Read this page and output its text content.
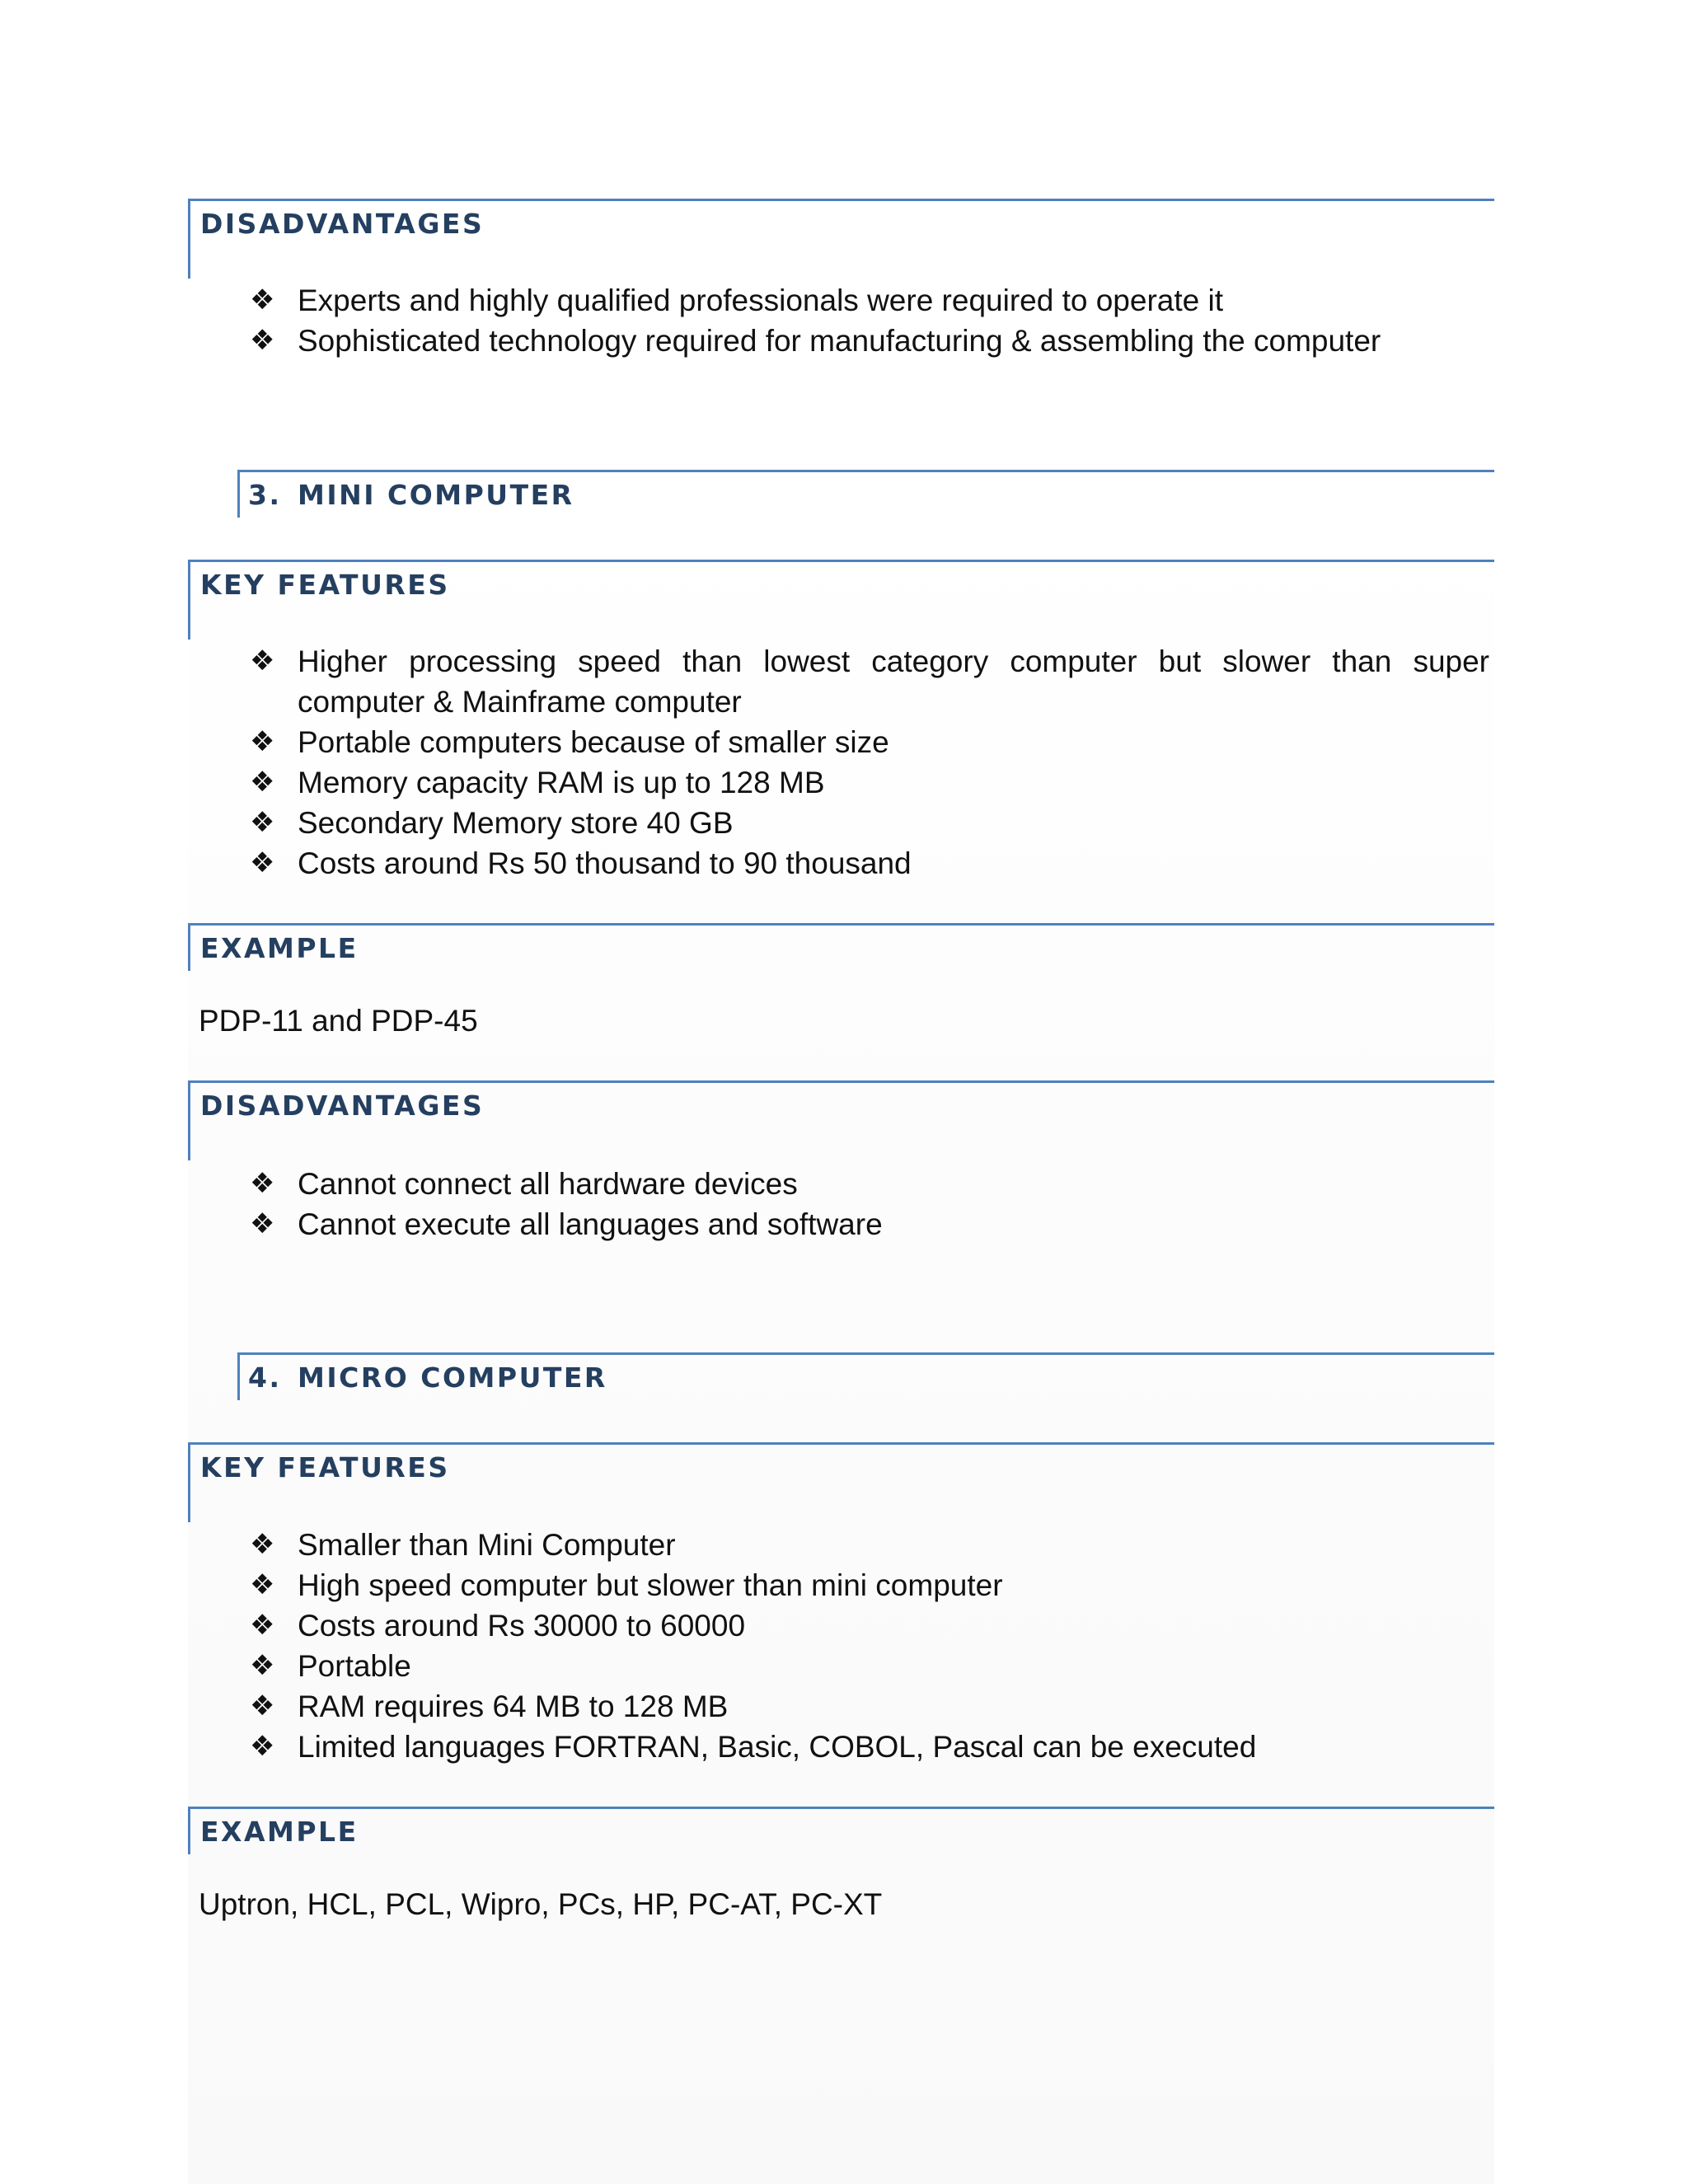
DISADVANTAGES
❖ Experts and highly qualified professionals were required to operate it
❖ Sophisticated technology required for manufacturing & assembling the computer
3. MINI COMPUTER
KEY FEATURES
❖ Higher processing speed than lowest category computer but slower than super computer & Mainframe computer
❖ Portable computers because of smaller size
❖ Memory capacity RAM is up to 128 MB
❖ Secondary Memory store 40 GB
❖ Costs around Rs 50 thousand to 90 thousand
EXAMPLE
PDP-11 and PDP-45
DISADVANTAGES
❖ Cannot connect all hardware devices
❖ Cannot execute all languages and software
4. MICRO COMPUTER
KEY FEATURES
❖ Smaller than Mini Computer
❖ High speed computer but slower than mini computer
❖ Costs around Rs 30000 to 60000
❖ Portable
❖ RAM requires 64 MB to 128 MB
❖ Limited languages FORTRAN, Basic, COBOL, Pascal can be executed
EXAMPLE
Uptron, HCL, PCL, Wipro, PCs, HP, PC-AT, PC-XT
